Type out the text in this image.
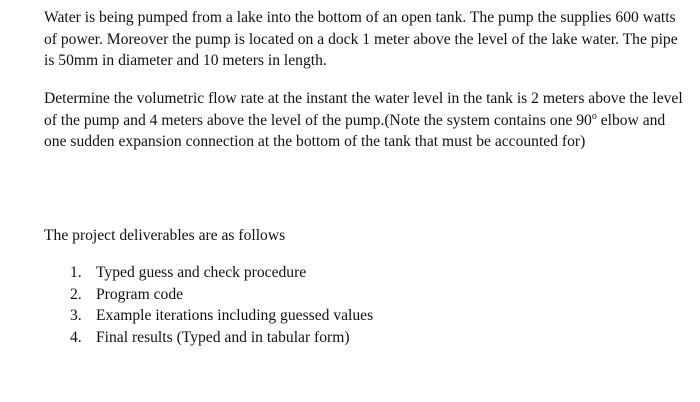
Water is being pumped from a lake into the bottom of an open tank. The pump the supplies 600 watts of power. Moreover the pump is located on a dock 1 meter above the level of the lake water. The pipe is 50mm in diameter and 10 meters in length.

Determine the volumetric flow rate at the instant the water level in the tank is 2 meters above the level of the pump and 4 meters above the level of the pump.(Note the system contains one 90$^o$ elbow and one sudden expansion connection at the bottom of the tank that must be accounted for)

The project deliverables are as follows

1. Typed guess and check procedure
2. Program code
3. Example iterations including guessed values
4. Final results (Typed and in tabular form)
